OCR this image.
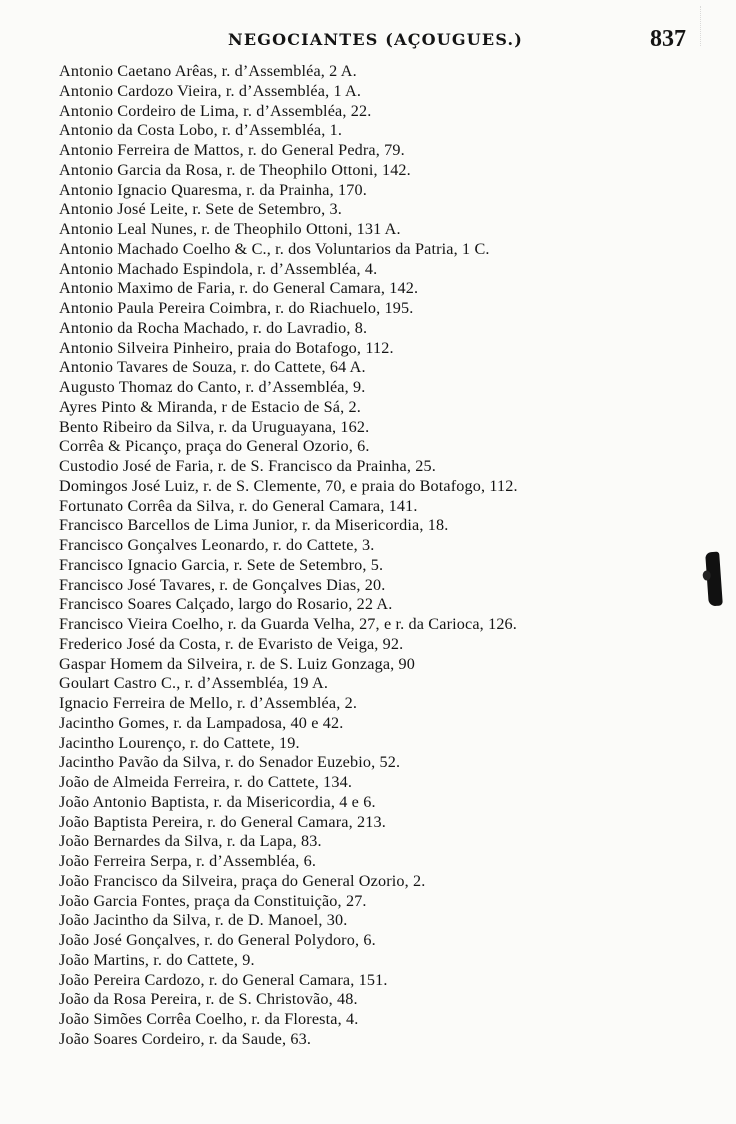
NEGOCIANTES (AÇOUGUES.)	837
Antonio Caetano Arêas, r. d’Assembléa, 2 A.
Antonio Cardozo Vieira, r. d’Assembléa, 1 A.
Antonio Cordeiro de Lima, r. d’Assembléa, 22.
Antonio da Costa Lobo, r. d’Assembléa, 1.
Antonio Ferreira de Mattos, r. do General Pedra, 79.
Antonio Garcia da Rosa, r. de Theophilo Ottoni, 142.
Antonio Ignacio Quaresma, r. da Prainha, 170.
Antonio José Leite, r. Sete de Setembro, 3.
Antonio Leal Nunes, r. de Theophilo Ottoni, 131 A.
Antonio Machado Coelho & C., r. dos Voluntarios da Patria, 1 C.
Antonio Machado Espindola, r. d’Assembléa, 4.
Antonio Maximo de Faria, r. do General Camara, 142.
Antonio Paula Pereira Coimbra, r. do Riachuelo, 195.
Antonio da Rocha Machado, r. do Lavradio, 8.
Antonio Silveira Pinheiro, praia do Botafogo, 112.
Antonio Tavares de Souza, r. do Cattete, 64 A.
Augusto Thomaz do Canto, r. d’Assembléa, 9.
Ayres Pinto & Miranda, r de Estacio de Sá, 2.
Bento Ribeiro da Silva, r. da Uruguayana, 162.
Corrêa & Picanço, praça do General Ozorio, 6.
Custodio José de Faria, r. de S. Francisco da Prainha, 25.
Domingos José Luiz, r. de S. Clemente, 70, e praia do Botafogo, 112.
Fortunato Corrêa da Silva, r. do General Camara, 141.
Francisco Barcellos de Lima Junior, r. da Misericordia, 18.
Francisco Gonçalves Leonardo, r. do Cattete, 3.
Francisco Ignacio Garcia, r. Sete de Setembro, 5.
Francisco José Tavares, r. de Gonçalves Dias, 20.
Francisco Soares Calçado, largo do Rosario, 22 A.
Francisco Vieira Coelho, r. da Guarda Velha, 27, e r. da Carioca, 126.
Frederico José da Costa, r. de Evaristo de Veiga, 92.
Gaspar Homem da Silveira, r. de S. Luiz Gonzaga, 90
Goulart Castro C., r. d’Assembléa, 19 A.
Ignacio Ferreira de Mello, r. d’Assembléa, 2.
Jacintho Gomes, r. da Lampadosa, 40 e 42.
Jacintho Lourenço, r. do Cattete, 19.
Jacintho Pavão da Silva, r. do Senador Euzebio, 52.
João de Almeida Ferreira, r. do Cattete, 134.
João Antonio Baptista, r. da Misericordia, 4 e 6.
João Baptista Pereira, r. do General Camara, 213.
João Bernardes da Silva, r. da Lapa, 83.
João Ferreira Serpa, r. d’Assembléa, 6.
João Francisco da Silveira, praça do General Ozorio, 2.
João Garcia Fontes, praça da Constituição, 27.
João Jacintho da Silva, r. de D. Manoel, 30.
João José Gonçalves, r. do General Polydoro, 6.
João Martins, r. do Cattete, 9.
João Pereira Cardozo, r. do General Camara, 151.
João da Rosa Pereira, r. de S. Christovão, 48.
João Simões Corrêa Coelho, r. da Floresta, 4.
João Soares Cordeiro, r. da Saude, 63.
